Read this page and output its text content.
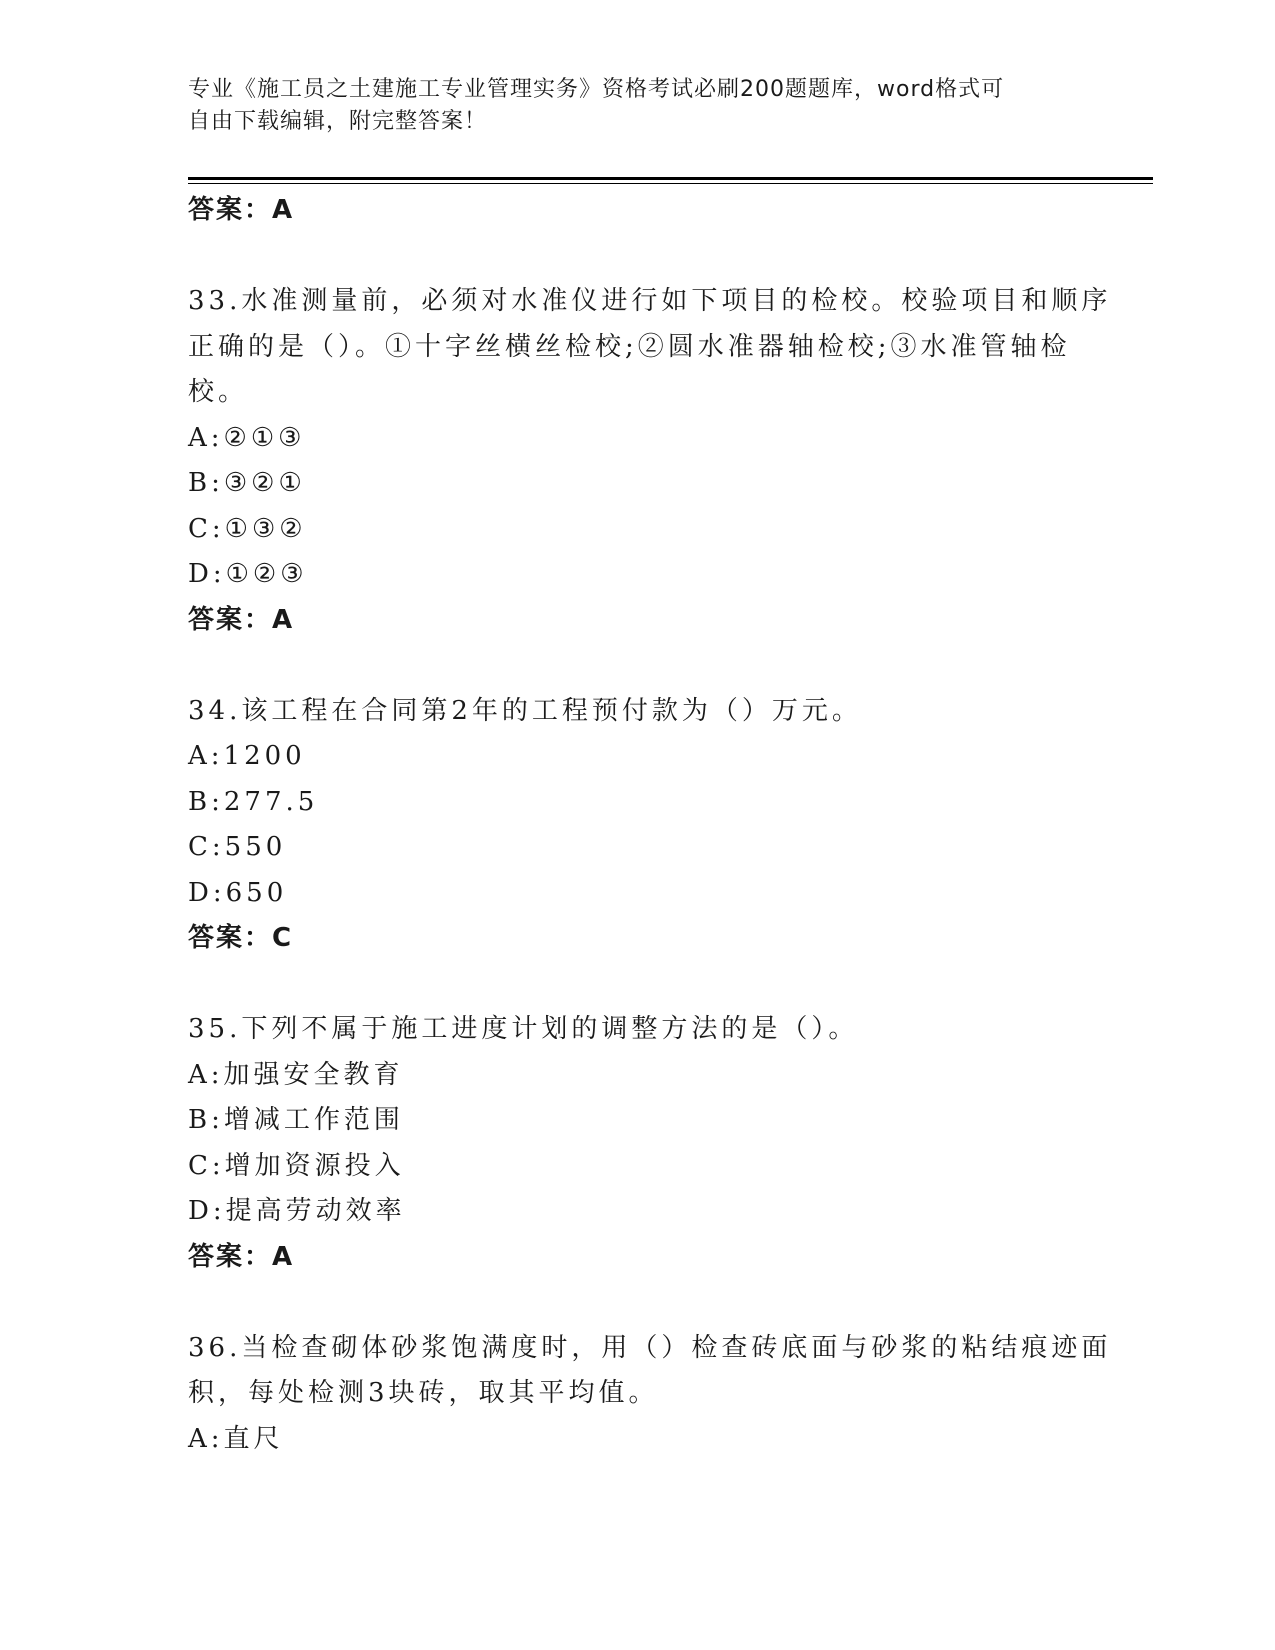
专业《施工员之土建施工专业管理实务》资格考试必刷200题题库，word格式可
自由下载编辑，附完整答案！
答案：A
33.水准测量前，必须对水准仪进行如下项目的检校。校验项目和顺序
正确的是（）。①十字丝横丝检校;②圆水准器轴检校;③水准管轴检
校。
A:②①③
B:③②①
C:①③②
D:①②③
答案：A
34.该工程在合同第2年的工程预付款为（）万元。
A:1200
B:277.5
C:550
D:650
答案：C
35.下列不属于施工进度计划的调整方法的是（）。
A:加强安全教育
B:增减工作范围
C:增加资源投入
D:提高劳动效率
答案：A
36.当检查砌体砂浆饱满度时，用（）检查砖底面与砂浆的粘结痕迹面
积，每处检测3块砖，取其平均值。
A:直尺
